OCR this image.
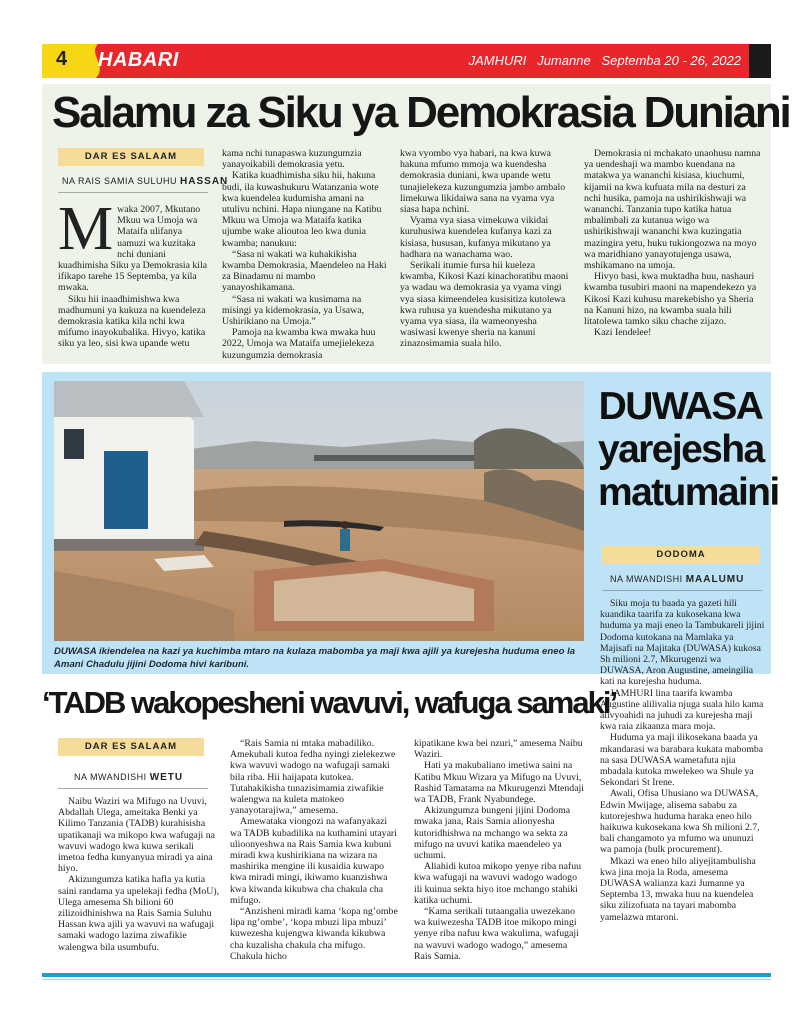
4 HABARI	JAMHURI   Jumanne   Septemba 20 - 26, 2022
Salamu za Siku ya Demokrasia Duniani
DAR ES SALAAM
NA RAIS SAMIA SULUHU HASSAN

Mwaka 2007, Mkutano Mkuu wa Umoja wa Mataifa ulifanya uamuzi wa kuzitaka nchi duniani kuadhimisha Siku ya Demokrasia kila ifikapo tarehe 15 Septemba, ya kila mwaka.

Siku hii inaadhimishwa kwa madhumuni ya kukuza na kuendeleza demokrasia katika kila nchi kwa mifumo inayokubalika. Hivyo, katika siku ya leo, sisi kwa upande wetu

kama nchi tunapaswa kuzungumzia yanayoikabili demokrasia yetu.

Katika kuadhimisha siku hii, hakuna budi, ila kuwashukuru Watanzania wote kwa kuendelea kudumisha amani na utulivu nchini. Hapa niungane na Katibu Mkuu wa Umoja wa Mataifa katika ujumbe wake alioutoa leo kwa dunia kwamba; nanukuu:

“Sasa ni wakati wa kuhakikisha kwamba Demokrasia, Maendeleo na Haki za Binadamu ni mambo yanayoshikamana.

“Sasa ni wakati wa kusimama na misingi ya kidemokrasia, ya Usawa, Ushirikiano na Umoja.”

Pamoja na kwamba kwa mwaka huu 2022, Umoja wa Mataifa umejielekeza kuzungumzia demokrasia

kwa vyombo vya habari, na kwa kuwa hakuna mfumo mmoja wa kuendesha demokrasia duniani, kwa upande wetu tunajielekeza kuzungumzia jambo ambalo limekuwa likidaiwa sana na vyama vya siasa hapa nchini.

Vyama vya siasa vimekuwa vikidai kuruhusiwa kuendelea kufanya kazi za kisiasa, hususan, kufanya mikutano ya hadhara na wanachama wao.

Serikali itumie fursa hii kueleza kwamba, Kikosi Kazi kinachoratibu maoni ya wadau wa demokrasia ya vyama vingi vya siasa kimeendelea kusisitiza kutolewa kwa ruhusa ya kuendesha mikutano ya vyama vya siasa, ila wameonyesha wasiwasi kwenye sheria na kanuni zinazosimamia suala hilo.

Demokrasia ni mchakato unaohusu namna ya uendeshaji wa mambo kuendana na matakwa ya wananchi kisiasa, kiuchumi, kijamii na kwa kufuata mila na desturi za nchi husika, pamoja na ushirikishwaji wa wananchi. Tanzania tupo katika hatua mbalimbali za kutanua wigo wa ushirikishwaji wananchi kwa kuzingatia mazingira yetu, huku tukiongozwa na moyo wa maridhiano yanayotujenga usawa, mshikamano na umoja.

Hivyo basi, kwa muktadha huu, nashauri kwamba tusubiri maoni na mapendekezo ya Kikosi Kazi kuhusu marekebisho ya Sheria na Kanuni hizo, na kwamba suala hili litatolewa tamko siku chache zijazo.

Kazi Iendelee!

DUWASA ikiendelea na kazi ya kuchimba mtaro na kulaza mabomba ya maji kwa ajili ya kurejesha huduma eneo la Amani Chadulu jijini Dodoma hivi karibuni.
DUWASA
yarejesha
matumaini
DODOMA
NA MWANDISHI MAALUMU

Siku moja tu baada ya gazeti hili kuandika taarifa za kukosekana kwa huduma ya maji eneo la Tambukareli jijini Dodoma kutokana na Mamlaka ya Majisafi na Majitaka (DUWASA) kukosa Sh milioni 2.7, Mkurugenzi wa DUWASA, Aron Augustine, ameingilia kati na kurejesha huduma.

JAMHURI lina taarifa kwamba Augustine alilivalia njuga suala hilo kama alivyoahidi na juhudi za kurejesha maji kwa raia zikaanza mara moja.

Huduma ya maji ilikosekana baada ya mkandarasi wa barabara kukata mabomba na sasa DUWASA wametafuta njia mbadala kutoka mwelekeo wa Shule ya Sekondari St Irene.

Awali, Ofisa Uhusiano wa DUWASA, Edwin Mwijage, alisema sababu za kutorejeshwa huduma haraka eneo hilo haikuwa kukosekana kwa Sh milioni 2.7, bali changamoto ya mfumo wa ununuzi wa pamoja (bulk procurement).

Mkazi wa eneo hilo aliyejitambulisha kwa jina moja la Roda, amesema DUWASA walianza kazi Jumanne ya Septemba 13, mwaka huu na kuendelea siku zilizofuata na tayari mabomba yamelazwa mtaroni.

‘TADB wakopesheni wavuvi, wafuga samaki’
DAR ES SALAAM
NA MWANDISHI WETU

Naibu Waziri wa Mifugo na Uvuvi, Abdallah Ulega, ameitaka Benki ya Kilimo Tanzania (TADB) kurahisisha upatikanaji wa mikopo kwa wafugaji na wavuvi wadogo kwa kuwa serikali imetoa fedha kunyanyua miradi ya aina hiyo.

Akizungumza katika hafla ya kutia saini randama ya upelekaji fedha (MoU), Ulega amesema Sh bilioni 60 zilizoidhinishwa na Rais Samia Suluhu Hassan kwa ajili ya wavuvi na wafugaji samaki wadogo lazima ziwafikie walengwa bila usumbufu.

“Rais Samia ni mtaka mabadiliko. Amekubali kutoa fedha nyingi zielekezwe kwa wavuvi wadogo na wafugaji samaki bila riba. Hii haijapata kutokea. Tutahakikisha tunazisimamia ziwafikie walengwa na kuleta matokeo yanayotarajiwa,” amesema.

Amewataka viongozi na wafanyakazi wa TADB kubadilika na kuthamini utayari ulioonyeshwa na Rais Samia kwa kubuni miradi kwa kushirikiana na wizara na mashirika mengine ili kusaidia kuwapo kwa miradi mingi, ikiwamo kuanzishwa kwa kiwanda kikubwa cha chakula cha mifugo.

“Anzisheni miradi kama ‘kopa ng’ombe lipa ng’ombe’, ‘kopa mbuzi lipa mbuzi’ kuwezesha kujengwa kiwanda kikubwa cha kuzalisha chakula cha mifugo. Chakula hicho

kipatikane kwa bei nzuri,” amesema Naibu Waziri.

Hati ya makubaliano imetiwa saini na Katibu Mkuu Wizara ya Mifugo na Uvuvi, Rashid Tamatama na Mkurugenzi Mtendaji wa TADB, Frank Nyabundege.

Akizungumza bungeni jijini Dodoma mwaka jana, Rais Samia alionyesha kutoridhishwa na mchango wa sekta za mifugo na uvuvi katika maendeleo ya uchumi.

Aliahidi kutoa mikopo yenye riba nafuu kwa wafugaji na wavuvi wadogo wadogo ili kuinua sekta hiyo itoe mchango stahiki katika uchumi.

“Kama serikali tutaangalia uwezekano wa kuiwezesha TADB itoe mikopo mingi yenye riba nafuu kwa wakulima, wafugaji na wavuvi wadogo wadogo,” amesema Rais Samia.
